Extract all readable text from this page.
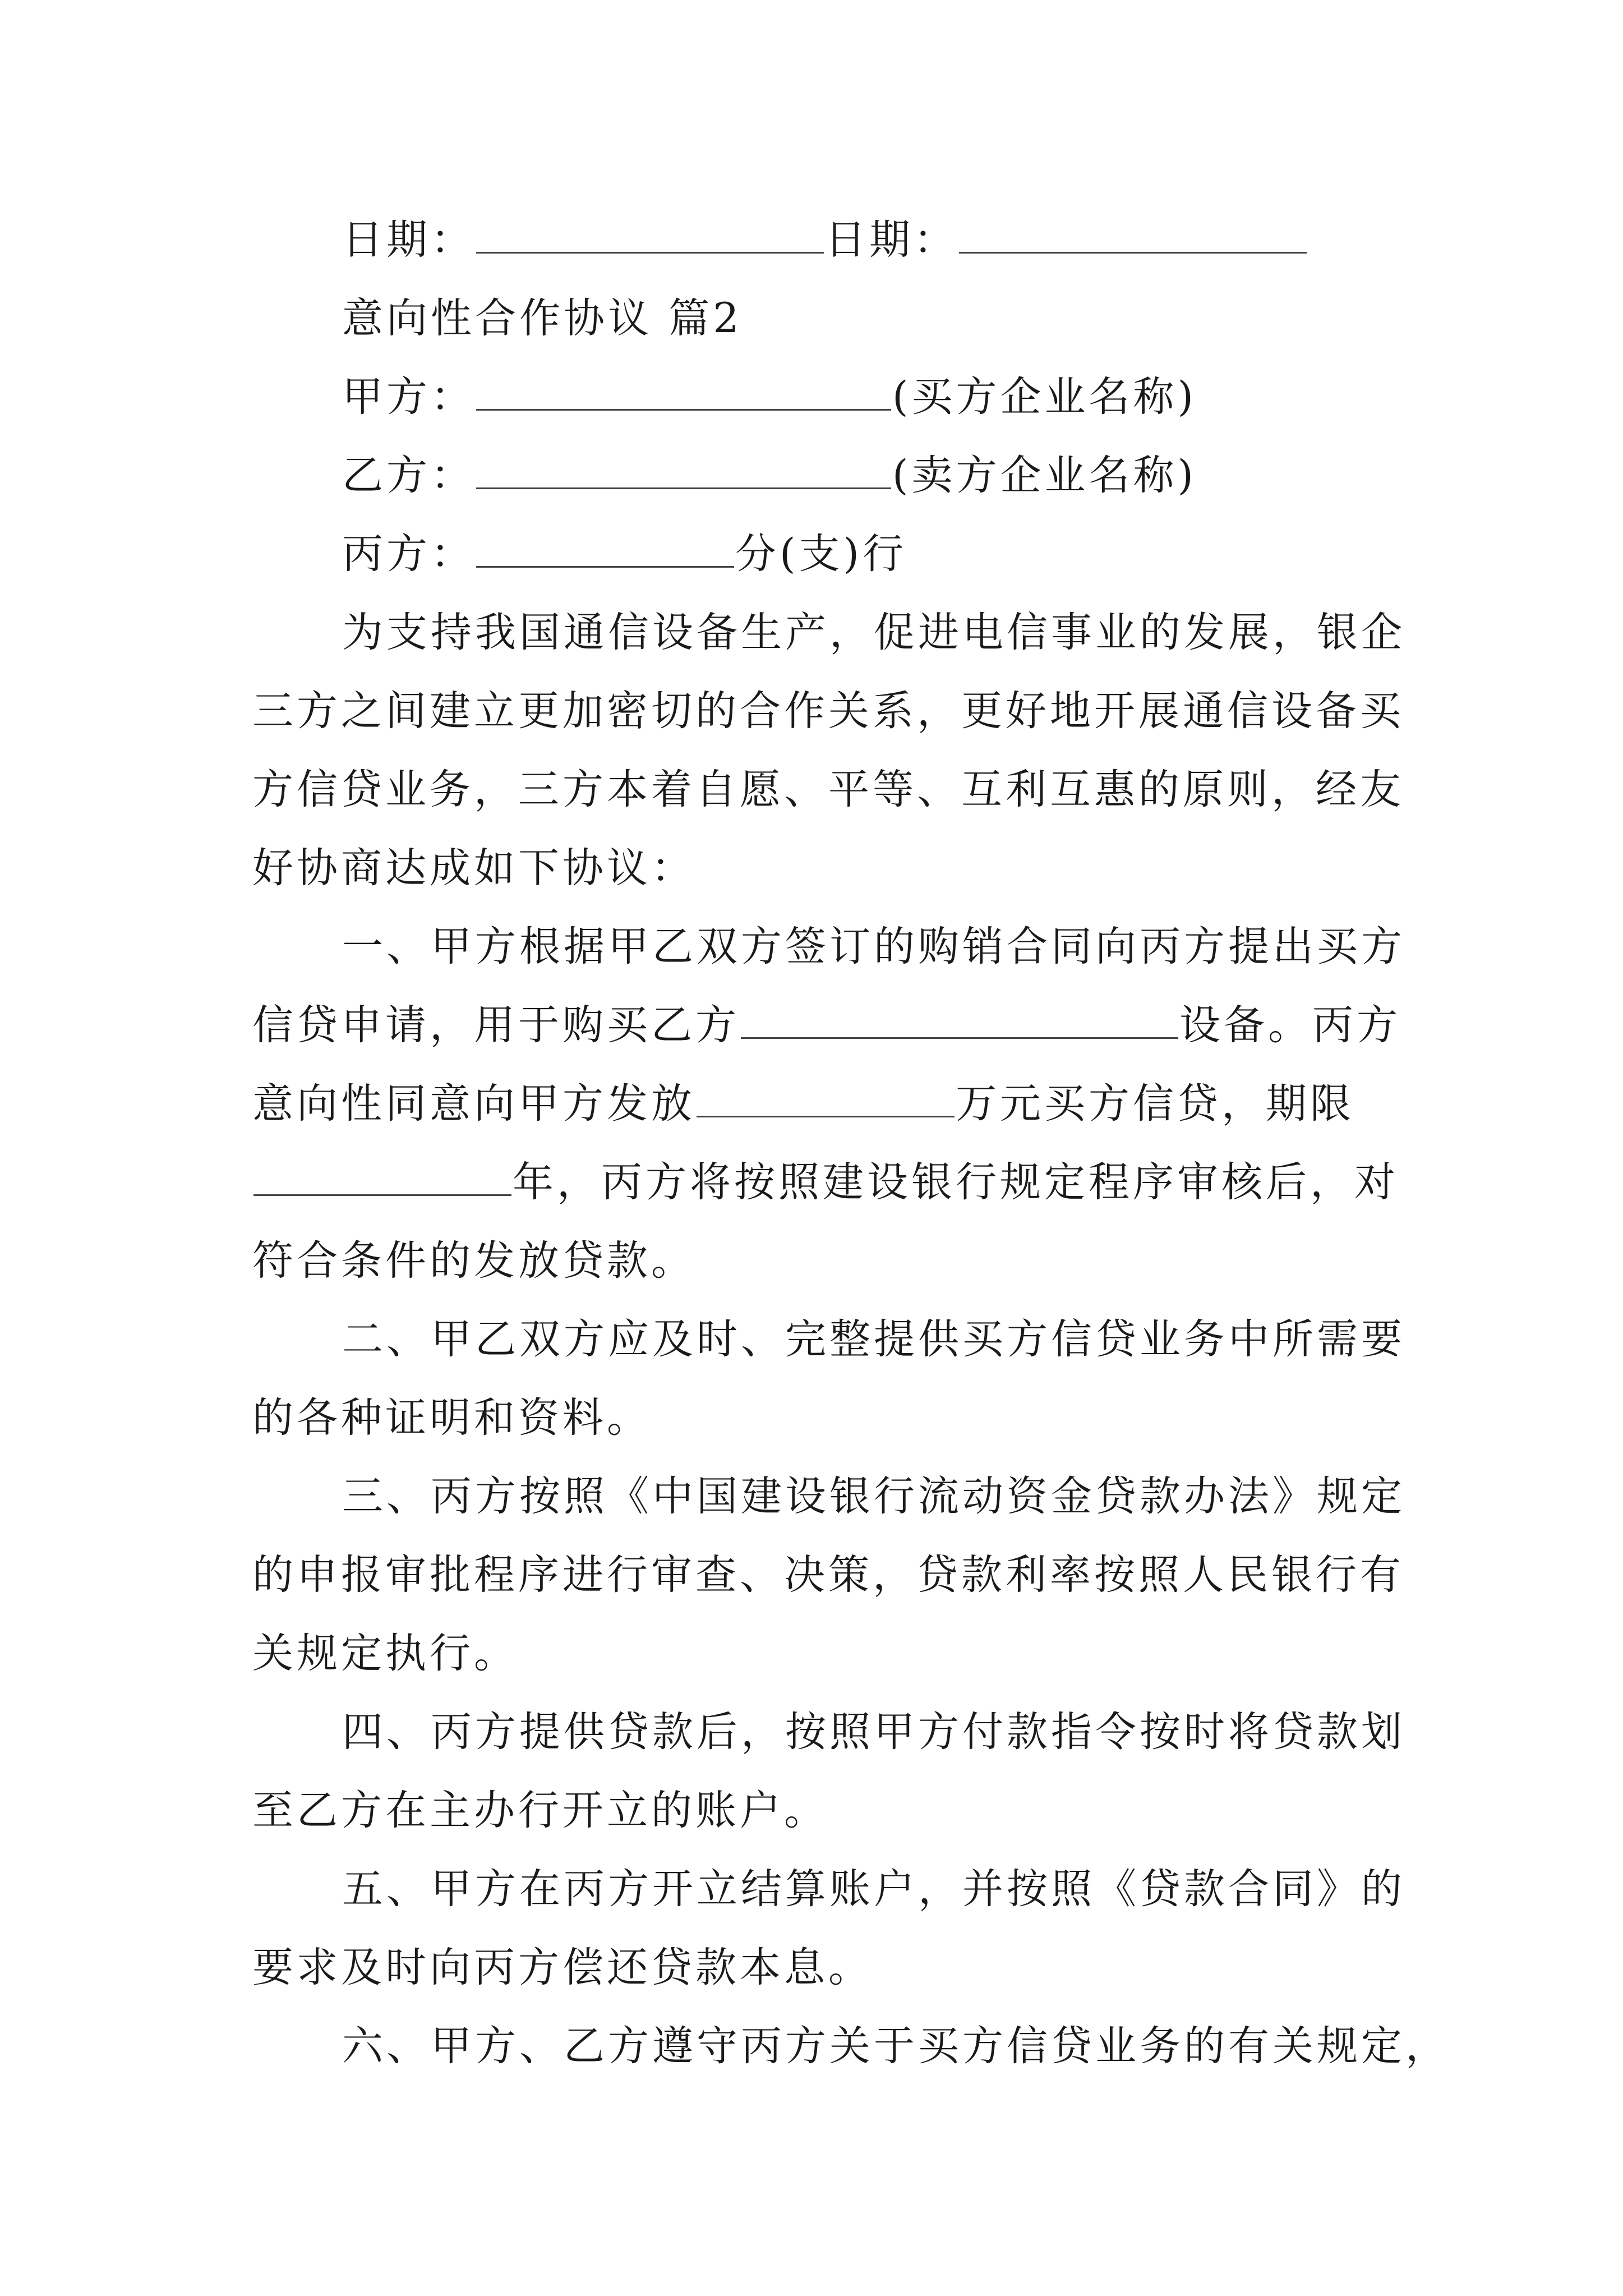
日期：	日期：
意向性合作协议 篇2
甲方：	(买方企业名称)
乙方：	(卖方企业名称)
丙方：	分(支)行
为支持我国通信设备生产，促进电信事业的发展，银企
三方之间建立更加密切的合作关系，更好地开展通信设备买
方信贷业务，三方本着自愿、平等、互利互惠的原则，经友
好协商达成如下协议：
一、甲方根据甲乙双方签订的购销合同向丙方提出买方
信贷申请，用于购买乙方	设备。丙方
意向性同意向甲方发放	万元买方信贷，期限
年，丙方将按照建设银行规定程序审核后，对
符合条件的发放贷款。
二、甲乙双方应及时、完整提供买方信贷业务中所需要
的各种证明和资料。
三、丙方按照《中国建设银行流动资金贷款办法》规定
的申报审批程序进行审查、决策，贷款利率按照人民银行有
关规定执行。
四、丙方提供贷款后，按照甲方付款指令按时将贷款划
至乙方在主办行开立的账户。
五、甲方在丙方开立结算账户，并按照《贷款合同》的
要求及时向丙方偿还贷款本息。
六、甲方、乙方遵守丙方关于买方信贷业务的有关规定，
